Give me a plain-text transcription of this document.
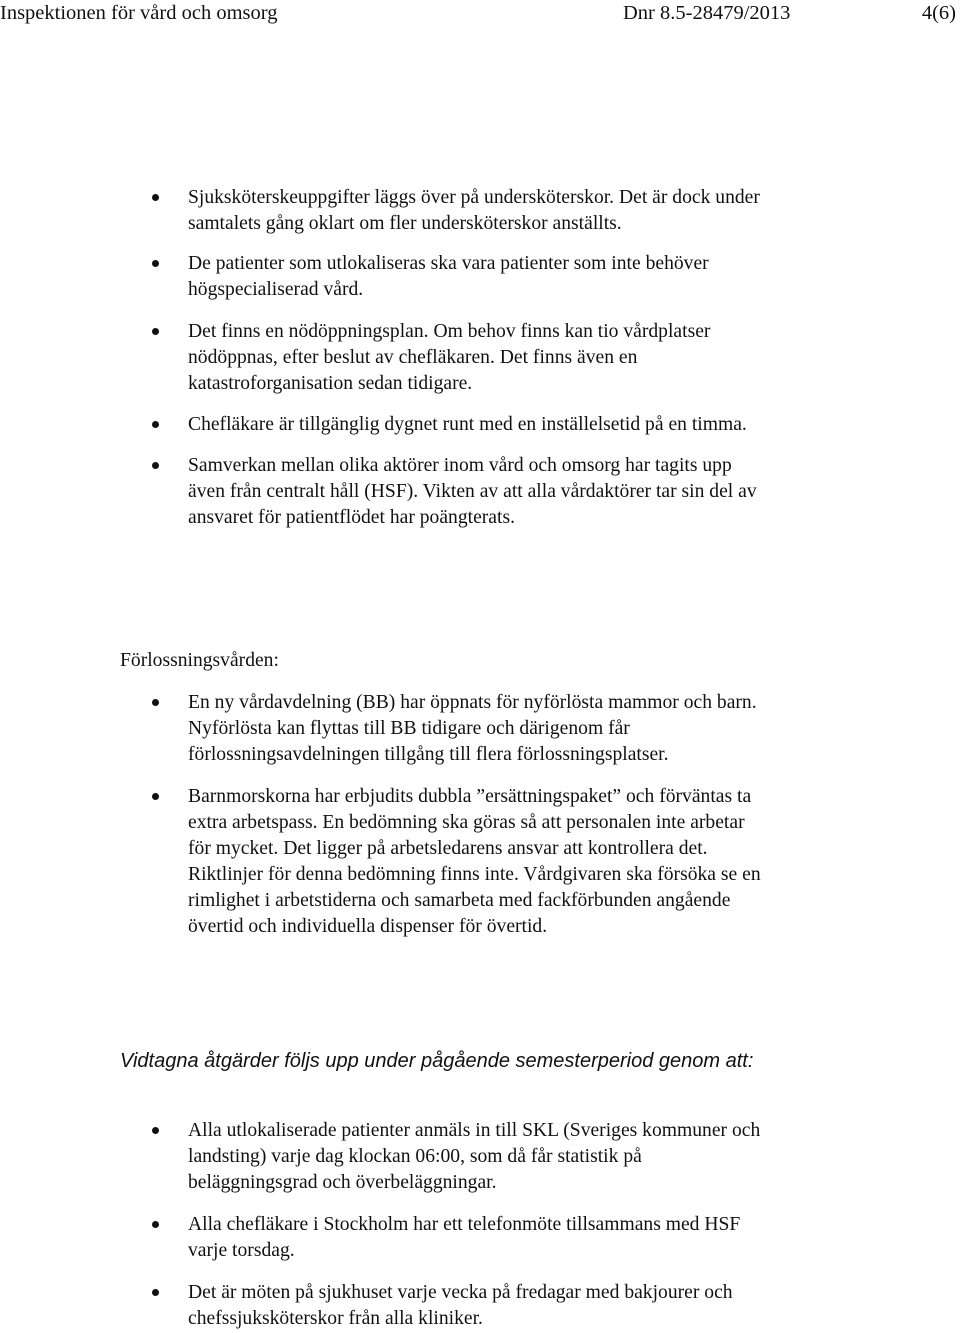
Inspektionen för vård och omsorg	Dnr 8.5-28479/2013	4(6)
Sjuksköterskeuppgifter läggs över på undersköterskor. Det är dock under samtalets gång oklart om fler undersköterskor anställts.
De patienter som utlokaliseras ska vara patienter som inte behöver högspecialiserad vård.
Det finns en nödöppningsplan. Om behov finns kan tio vårdplatser nödöppnas, efter beslut av chefläkaren. Det finns även en katastroforganisation sedan tidigare.
Chefläkare är tillgänglig dygnet runt med en inställelsetid på en timma.
Samverkan mellan olika aktörer inom vård och omsorg har tagits upp även från centralt håll (HSF). Vikten av att alla vårdaktörer tar sin del av ansvaret för patientflödet har poängterats.
Förlossningsvården:
En ny vårdavdelning (BB) har öppnats för nyförlösta mammor och barn. Nyförlösta kan flyttas till BB tidigare och därigenom får förlossningsavdelningen tillgång till flera förlossningsplatser.
Barnmorskorna har erbjudits dubbla ”ersättningspaket” och förväntas ta extra arbetspass. En bedömning ska göras så att personalen inte arbetar för mycket. Det ligger på arbetsledarens ansvar att kontrollera det. Riktlinjer för denna bedömning finns inte. Vårdgivaren ska försöka se en rimlighet i arbetstiderna och samarbeta med fackförbunden angående övertid och individuella dispenser för övertid.
Vidtagna åtgärder följs upp under pågående semesterperiod genom att:
Alla utlokaliserade patienter anmäls in till SKL (Sveriges kommuner och landsting) varje dag klockan 06:00, som då får statistik på beläggningsgrad och överbeläggningar.
Alla chefläkare i Stockholm har ett telefonmöte tillsammans med HSF varje torsdag.
Det är möten på sjukhuset varje vecka på fredagar med bakjourer och chefssjuksköterskor från alla kliniker.
